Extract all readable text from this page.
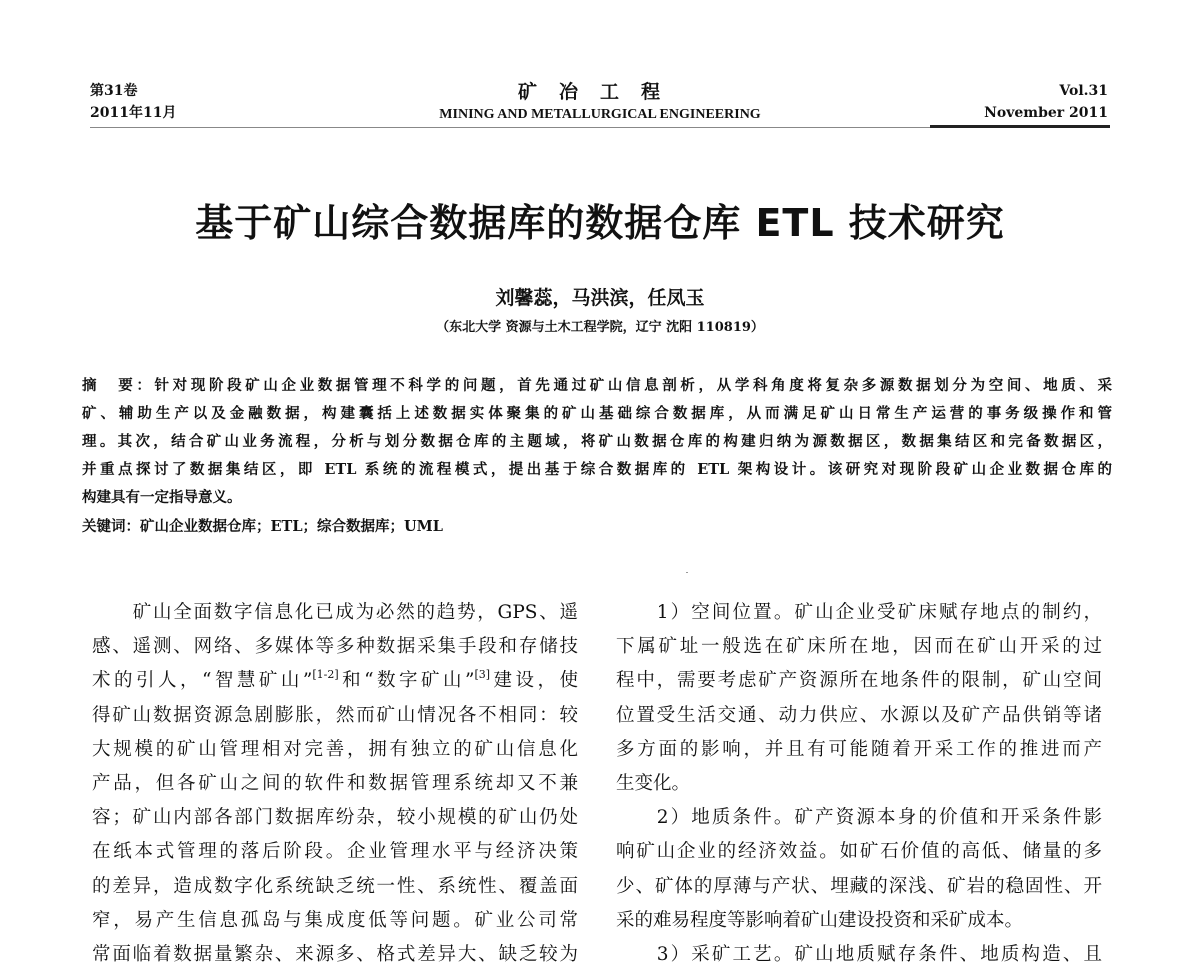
第31卷
2011年11月
矿冶工程
MINING AND METALLURGICAL ENGINEERING
Vol.31
November 2011
基于矿山综合数据库的数据仓库 ETL 技术研究
刘馨蕊，马洪滨，任凤玉
（东北大学 资源与土木工程学院，辽宁 沈阳 110819）
摘　要：针对现阶段矿山企业数据管理不科学的问题，首先通过矿山信息剖析，从学科角度将复杂多源数据划分为空间、地质、采
矿、辅助生产以及金融数据，构建囊括上述数据实体聚集的矿山基础综合数据库，从而满足矿山日常生产运营的事务级操作和管
理。其次，结合矿山业务流程，分析与划分数据仓库的主题域，将矿山数据仓库的构建归纳为源数据区，数据集结区和完备数据区，
并重点探讨了数据集结区，即 ETL 系统的流程模式，提出基于综合数据库的 ETL 架构设计。该研究对现阶段矿山企业数据仓库的
构建具有一定指导意义。
关键词：矿山企业数据仓库；ETL；综合数据库；UML
矿山全面数字信息化已成为必然的趋势，GPS、遥
感、遥测、网络、多媒体等多种数据采集手段和存储技
术的引人，“智慧矿山”[1-2]和“数字矿山”[3]建设，使
得矿山数据资源急剧膨胀，然而矿山情况各不相同：较
大规模的矿山管理相对完善，拥有独立的矿山信息化
产品，但各矿山之间的软件和数据管理系统却又不兼
容；矿山内部各部门数据库纷杂，较小规模的矿山仍处
在纸本式管理的落后阶段。企业管理水平与经济决策
的差异，造成数字化系统缺乏统一性、系统性、覆盖面
窄，易产生信息孤岛与集成度低等问题。矿业公司常
常面临着数据量繁杂、来源多、格式差异大、缺乏较为
1）空间位置。矿山企业受矿床赋存地点的制约，
下属矿址一般选在矿床所在地，因而在矿山开采的过
程中，需要考虑矿产资源所在地条件的限制，矿山空间
位置受生活交通、动力供应、水源以及矿产品供销等诸
多方面的影响，并且有可能随着开采工作的推进而产
生变化。
2）地质条件。矿产资源本身的价值和开采条件影
响矿山企业的经济效益。如矿石价值的高低、储量的多
少、矿体的厚薄与产状、埋藏的深浅、矿岩的稳固性、开
采的难易程度等影响着矿山建设投资和采矿成本。
3）采矿工艺。矿山地质赋存条件、地质构造、且
